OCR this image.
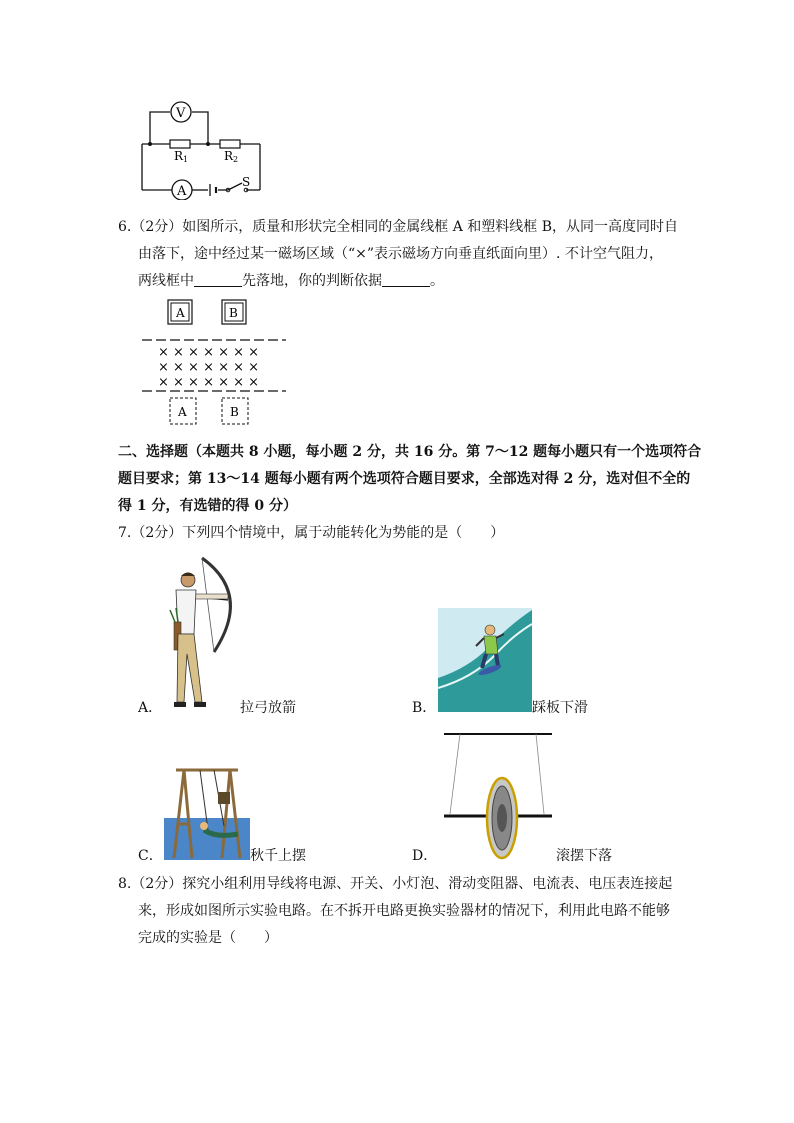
V
A
R 1	R 2
S
6.（2分）如图所示，质量和形状完全相同的金属线框 A 和塑料线框 B，从同一高度同时自
由落下，途中经过某一磁场区域（“×”表示磁场方向垂直纸面向里）. 不计空气阻力，
两线框中	先落地，你的判断依据	。
A	B
× × × × × × ×
× × × × × × ×
× × × × × × ×
A	B
二、选择题（本题共 8 小题，每小题 2 分，共 16 分。第 7～12 题每小题只有一个选项符合
题目要求；第 13～14 题每小题有两个选项符合题目要求，全部选对得 2 分，选对但不全的
得 1 分，有选错的得 0 分）
7.（2分）下列四个情境中，属于动能转化为势能的是（　　）
A．	拉弓放箭	B．	踩板下滑
C．	秋千上摆	D．	滚摆下落
8.（2分）探究小组利用导线将电源、开关、小灯泡、滑动变阻器、电流表、电压表连接起
来，形成如图所示实验电路。在不拆开电路更换实验器材的情况下，利用此电路不能够
完成的实验是（　　）
